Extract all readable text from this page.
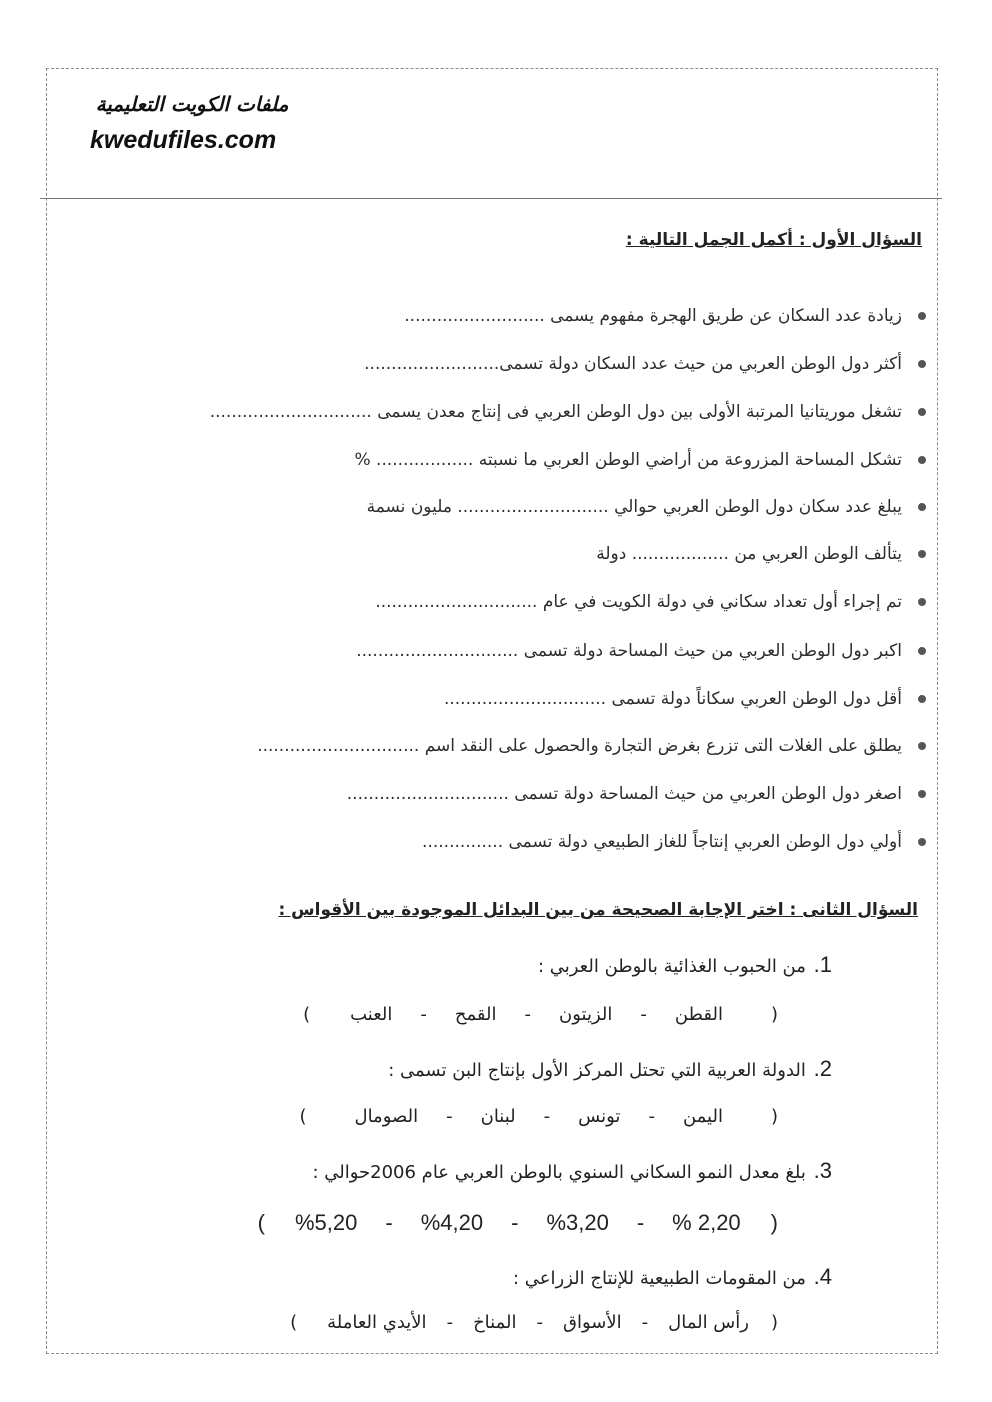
ملفات الكويت التعليمية
kwedufiles.com
السؤال الأول : أكمل الجمل التالية :
زيادة عدد السكان عن طريق الهجرة مفهوم يسمى ..........................
أكثر دول الوطن العربي من حيث عدد السكان دولة تسمى.........................
تشغل موريتانيا المرتبة الأولى بين دول الوطن العربي فى إنتاج معدن يسمى ..............................
تشكل المساحة المزروعة من أراضي الوطن العربي ما نسبته .................. %
يبلغ عدد سكان دول الوطن العربي حوالي ............................ مليون نسمة
يتألف الوطن العربي من .................. دولة
تم إجراء أول تعداد سكاني في دولة الكويت في عام ..............................
اكبر دول الوطن العربي من حيث المساحة دولة تسمى ..............................
أقل دول الوطن العربي سكاناً دولة تسمى ..............................
يطلق على الغلات التى تزرع بغرض التجارة والحصول على النقد اسم ..............................
اصغر دول الوطن العربي من حيث المساحة دولة تسمى ..............................
أولي دول الوطن العربي إنتاجاً للغاز الطبيعي دولة تسمى ...............
السؤال الثانى : اختر الإجابة الصحيحة من بين البدائل الموجودة بين الأقواس :
1. من الحبوب الغذائية بالوطن العربي :
(
القطن
-
الزيتون
-
القمح
-
العنب
)
2. الدولة العربية التي تحتل المركز الأول بإنتاج البن تسمى :
(
اليمن
-
تونس
-
لبنان
-
الصومال
)
3. بلغ معدل النمو السكاني السنوي بالوطن العربي عام 2006حوالي :
(
2,20 %
-
%3,20
-
%4,20
-
%5,20
)
4. من المقومات الطبيعية للإنتاج الزراعي :
(
رأس المال
-
الأسواق
-
المناخ
-
الأيدي العاملة
)
